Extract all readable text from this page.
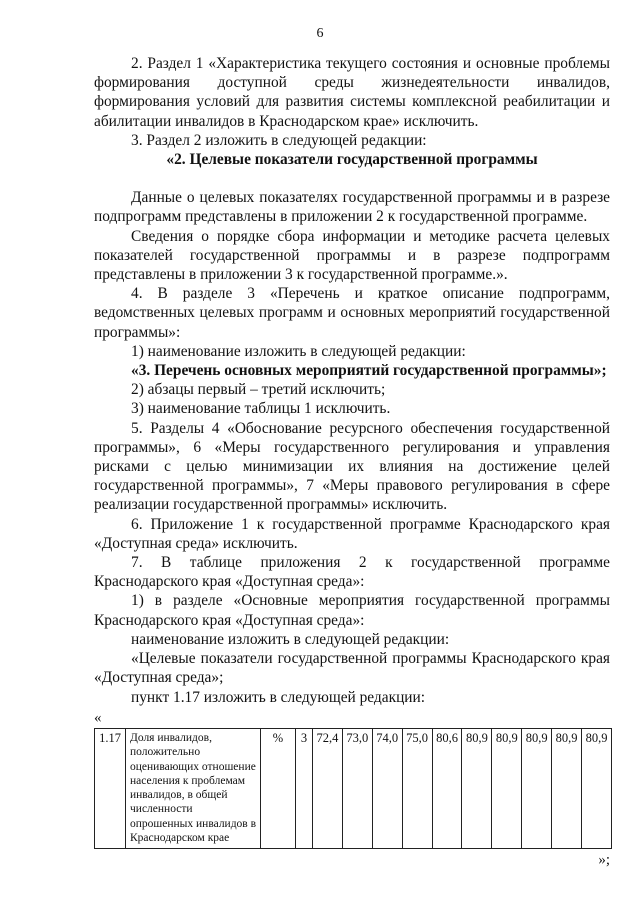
6

2. Раздел 1 «Характеристика текущего состояния и основные проблемы формирования доступной среды жизнедеятельности инвалидов, формирования условий для развития системы комплексной реабилитации и абилитации инвалидов в Краснодарском крае» исключить.

3. Раздел 2 изложить в следующей редакции:

«2. Целевые показатели государственной программы

Данные о целевых показателях государственной программы и в разрезе подпрограмм представлены в приложении 2 к государственной программе.

Сведения о порядке сбора информации и методике расчета целевых показателей государственной программы и в разрезе подпрограмм представлены в приложении 3 к государственной программе.».

4. В разделе 3 «Перечень и краткое описание подпрограмм, ведомственных целевых программ и основных мероприятий государственной программы»:

1) наименование изложить в следующей редакции:

«3. Перечень основных мероприятий государственной программы»;

2) абзацы первый – третий исключить;

3) наименование таблицы 1 исключить.

5. Разделы 4 «Обоснование ресурсного обеспечения государственной программы», 6 «Меры государственного регулирования и управления рисками с целью минимизации их влияния на достижение целей государственной программы», 7 «Меры правового регулирования в сфере реализации государственной программы» исключить.

6. Приложение 1 к государственной программе Краснодарского края «Доступная среда» исключить.

7. В таблице приложения 2 к государственной программе Краснодарского края «Доступная среда»:

1) в разделе «Основные мероприятия государственной программы Краснодарского края «Доступная среда»:

наименование изложить в следующей редакции:

«Целевые показатели государственной программы Краснодарского края «Доступная среда»;

пункт 1.17 изложить в следующей редакции:

«
1.17	Доля инвалидов, положительно оценивающих отношение населения к проблемам инвалидов, в общей численности опрошенных инвалидов в Краснодарском крае	%	3	72,4	73,0	74,0	75,0	80,6	80,9	80,9	80,9	80,9	80,9
»;
